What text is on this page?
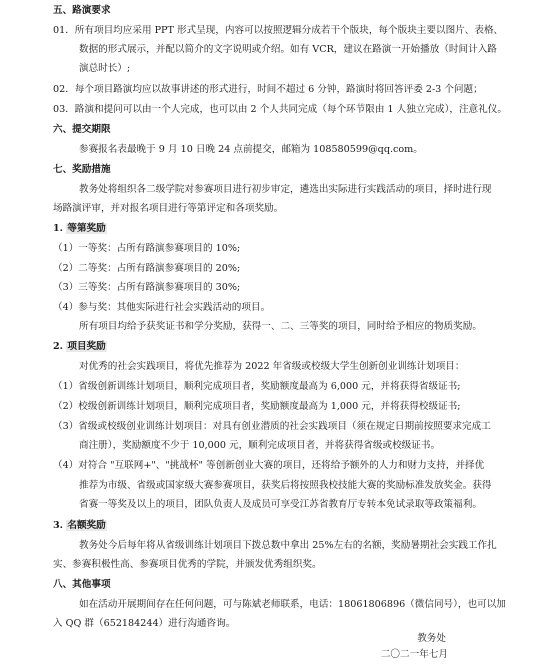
五、路演要求
01．所有项目均应采用 PPT 形式呈现，内容可以按照逻辑分成若干个版块，每个版块主要以图片、表格、
数据的形式展示，并配以简介的文字说明或介绍。如有 VCR，建议在路演一开始播放（时间计入路
演总时长）;
02．每个项目路演均应以故事讲述的形式进行，时间不超过 6 分钟，路演时将回答评委 2-3 个问题；
03．路演和提问可以由一个人完成，也可以由 2 个人共同完成（每个环节限由 1 人独立完成），注意礼仪。
六、提交期限
参赛报名表最晚于 9 月 10 日晚 24 点前提交，邮箱为 108580599@qq.com。
七、奖励措施
教务处将组织各二级学院对参赛项目进行初步审定，遴选出实际进行实践活动的项目，择时进行现
场路演评审，并对报名项目进行等第评定和各项奖励。
1. 等第奖励
（1）一等奖：占所有路演参赛项目的 10%;
（2）二等奖：占所有路演参赛项目的 20%;
（3）三等奖：占所有路演参赛项目的 30%;
（4）参与奖：其他实际进行社会实践活动的项目。
所有项目均给予获奖证书和学分奖励，获得一、二、三等奖的项目，同时给予相应的物质奖励。
2. 项目奖励
对优秀的社会实践项目，将优先推荐为 2022 年省级或校级大学生创新创业训练计划项目：
（1）省级创新训练计划项目，顺利完成项目者，奖励额度最高为 6,000 元，并将获得省级证书;
（2）校级创新训练计划项目，顺利完成项目者，奖励额度最高为 1,000 元，并将获得校级证书;
（3）省级或校级创业训练计划项目：对具有创业潜质的社会实践项目（须在规定日期前按照要求完成工
商注册），奖励额度不少于 10,000 元，顺利完成项目者，并将获得省级或校级证书。
（4）对符合 "互联网+"、"挑战杯" 等创新创业大赛的项目，还将给予额外的人力和财力支持，并择优
推荐为市级、省级或国家级大赛参赛项目，获奖后将按照我校技能大赛的奖励标准发放奖金。获得
省赛一等奖及以上的项目，团队负责人及成员可享受江苏省教育厅专转本免试录取等政策福利。
3. 名额奖励
教务处今后每年将从省级训练计划项目下拨总数中拿出 25%左右的名额，奖励暑期社会实践工作扎
实、参赛积极性高、参赛项目优秀的学院，并颁发优秀组织奖。
八、其他事项
如在活动开展期间存在任何问题，可与陈斌老师联系，电话：18061806896（微信同号），也可以加
入 QQ 群（652184244）进行沟通咨询。
教务处
二〇二一年七月
